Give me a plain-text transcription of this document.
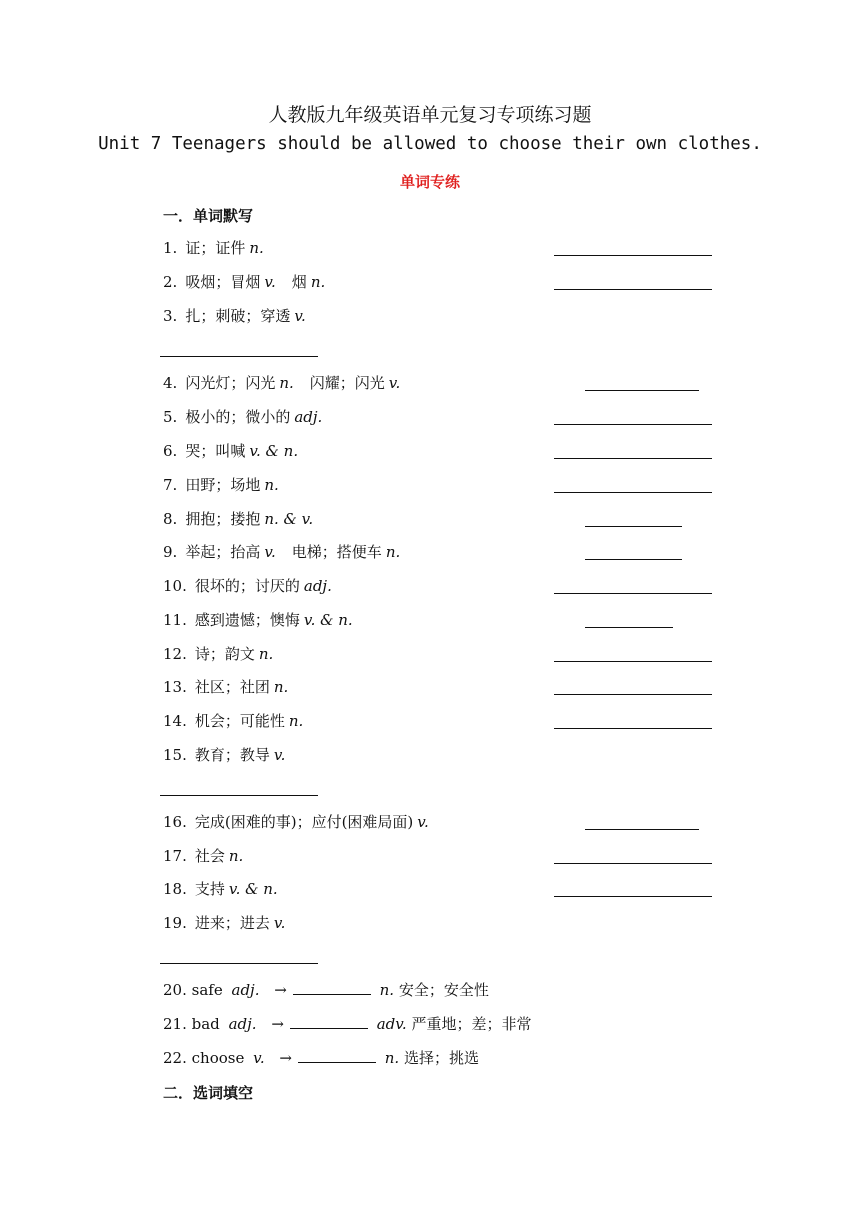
人教版九年级英语单元复习专项练习题
Unit 7 Teenagers should be allowed to choose their own clothes.
单词专练
一．单词默写
1. 证；证件 n.
2. 吸烟；冒烟 v. 烟 n.
3. 扎；刺破；穿透 v.
4. 闪光灯；闪光 n. 闪耀；闪光 v.
5. 极小的；微小的 adj.
6. 哭；叫喊 v. & n.
7. 田野；场地 n.
8. 拥抱；搂抱 n. & v.
9. 举起；抬高 v. 电梯；搭便车 n.
10. 很坏的；讨厌的 adj.
11. 感到遗憾；懊悔 v. & n.
12. 诗；韵文 n.
13. 社区；社团 n.
14. 机会；可能性 n.
15. 教育；教导 v.
16. 完成(困难的事)；应付(困难局面) v.
17. 社会 n.
18. 支持 v. & n.
19. 进来；进去 v.
20. safe adj. →	n. 安全；安全性
21. bad adj. →	adv. 严重地；差；非常
22. choose v. →	n. 选择；挑选
二．选词填空
